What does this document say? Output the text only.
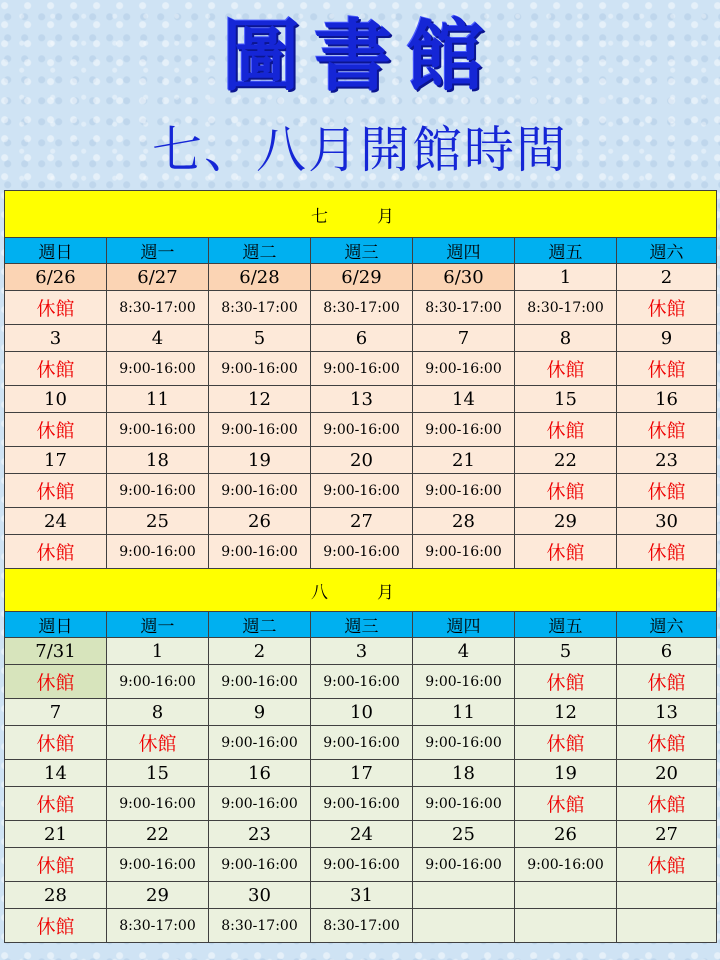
圖書館
七、八月開館時間
七　月						
週日	週一	週二	週三	週四	週五	週六
6/26	6/27	6/28	6/29	6/30	1	2
休館	8:30-17:00	8:30-17:00	8:30-17:00	8:30-17:00	8:30-17:00	休館
3	4	5	6	7	8	9
休館	9:00-16:00	9:00-16:00	9:00-16:00	9:00-16:00	休館	休館
10	11	12	13	14	15	16
休館	9:00-16:00	9:00-16:00	9:00-16:00	9:00-16:00	休館	休館
17	18	19	20	21	22	23
休館	9:00-16:00	9:00-16:00	9:00-16:00	9:00-16:00	休館	休館
24	25	26	27	28	29	30
休館	9:00-16:00	9:00-16:00	9:00-16:00	9:00-16:00	休館	休館
八　月						
週日	週一	週二	週三	週四	週五	週六
7/31	1	2	3	4	5	6
休館	9:00-16:00	9:00-16:00	9:00-16:00	9:00-16:00	休館	休館
7	8	9	10	11	12	13
休館	休館	9:00-16:00	9:00-16:00	9:00-16:00	休館	休館
14	15	16	17	18	19	20
休館	9:00-16:00	9:00-16:00	9:00-16:00	9:00-16:00	休館	休館
21	22	23	24	25	26	27
休館	9:00-16:00	9:00-16:00	9:00-16:00	9:00-16:00	9:00-16:00	休館
28	29	30	31			
休館	8:30-17:00	8:30-17:00	8:30-17:00			
